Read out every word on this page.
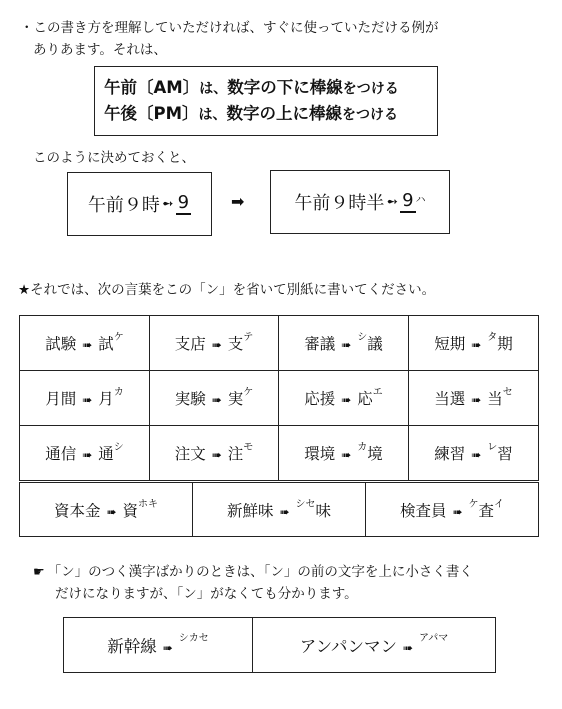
・この書き方を理解していただければ、すぐに使っていただける例が
ありあます。それは、
午前〔AM〕は、数字の下に棒線をつける
午後〔PM〕は、数字の上に棒線をつける
このように決めておくと、
午前９時 ➻ 9	➡	午前９時半 ➻ 9 ハ
★それでは、次の言葉をこの「ン」を省いて別紙に書いてください。
試験 ➠ 試$^ケ$	支店 ➠ 支$^テ$	審議 ➠$^シ$議	短期 ➠$^タ$期
月間 ➠ 月$^カ$	実験 ➠ 実$^ケ$	応援 ➠ 応$^エ$	当選 ➠ 当$^セ$
通信 ➠ 通$^シ$	注文 ➠ 注$^モ$	環境 ➠$^カ$境	練習 ➠$^レ$習
資本金 ➠ 資$^{ホキ}$	新鮮味 ➠$^{シセ}$味	検査員 ➠$^ケ$査$^イ$
☛ 「ン」のつく漢字ばかりのときは、「ン」の前の文字を上に小さく書く
だけになりますが、「ン」がなくても分かります。
新幹線 ➠$^{シカセ}$	アンパンマン ➠$^{アパマ}$
